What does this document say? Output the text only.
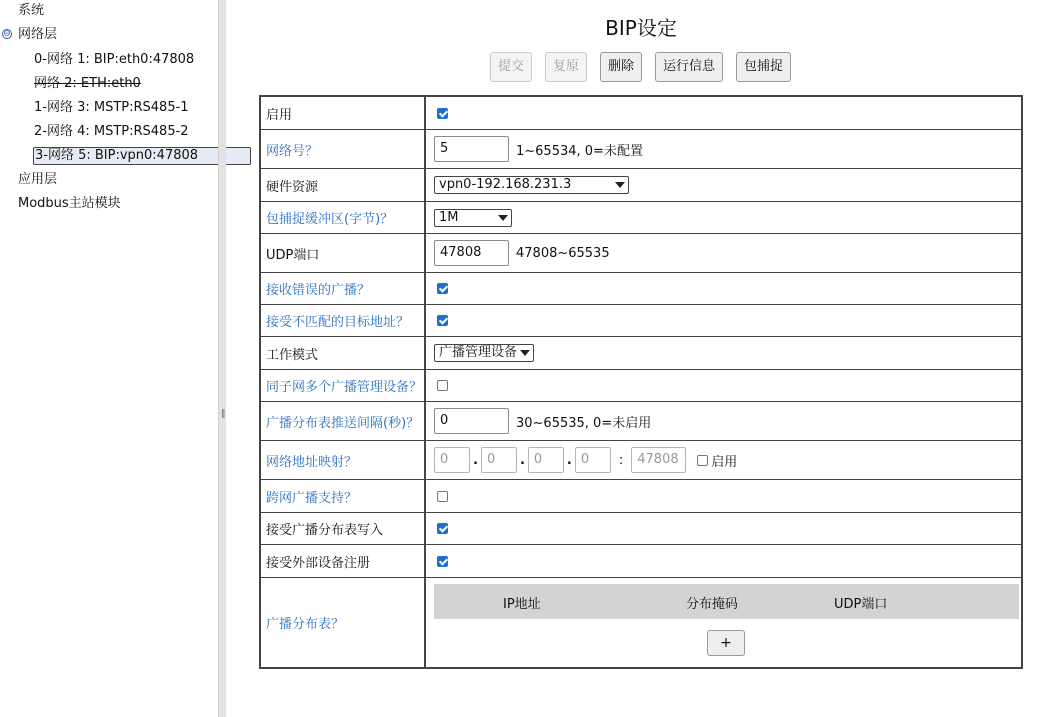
系统
⊖ 网络层
0-网络 1: BIP:eth0:47808
网络 2: ETH:eth0
1-网络 3: MSTP:RS485-1
2-网络 4: MSTP:RS485-2
3-网络 5: BIP:vpn0:47808
应用层
Modbus主站模块
‖
BIP设定
提交	复原	删除	运行信息	包捕捉
启用
网络号？	5	1~65534, 0=未配置
硬件资源	vpn0-192.168.231.3
包捕捉缓冲区(字节)？	1M
UDP端口	47808	47808~65535
接收错误的广播？
接受不匹配的目标地址？
工作模式	广播管理设备
同子网多个广播管理设备？
广播分布表推送间隔(秒)？	0	30~65535, 0=未启用
网络地址映射？	0	. 0	. 0	. 0	:	47808	启用
跨网广播支持？
接受广播分布表写入
接受外部设备注册
广播分布表？
IP地址	分布掩码	UDP端口
+
